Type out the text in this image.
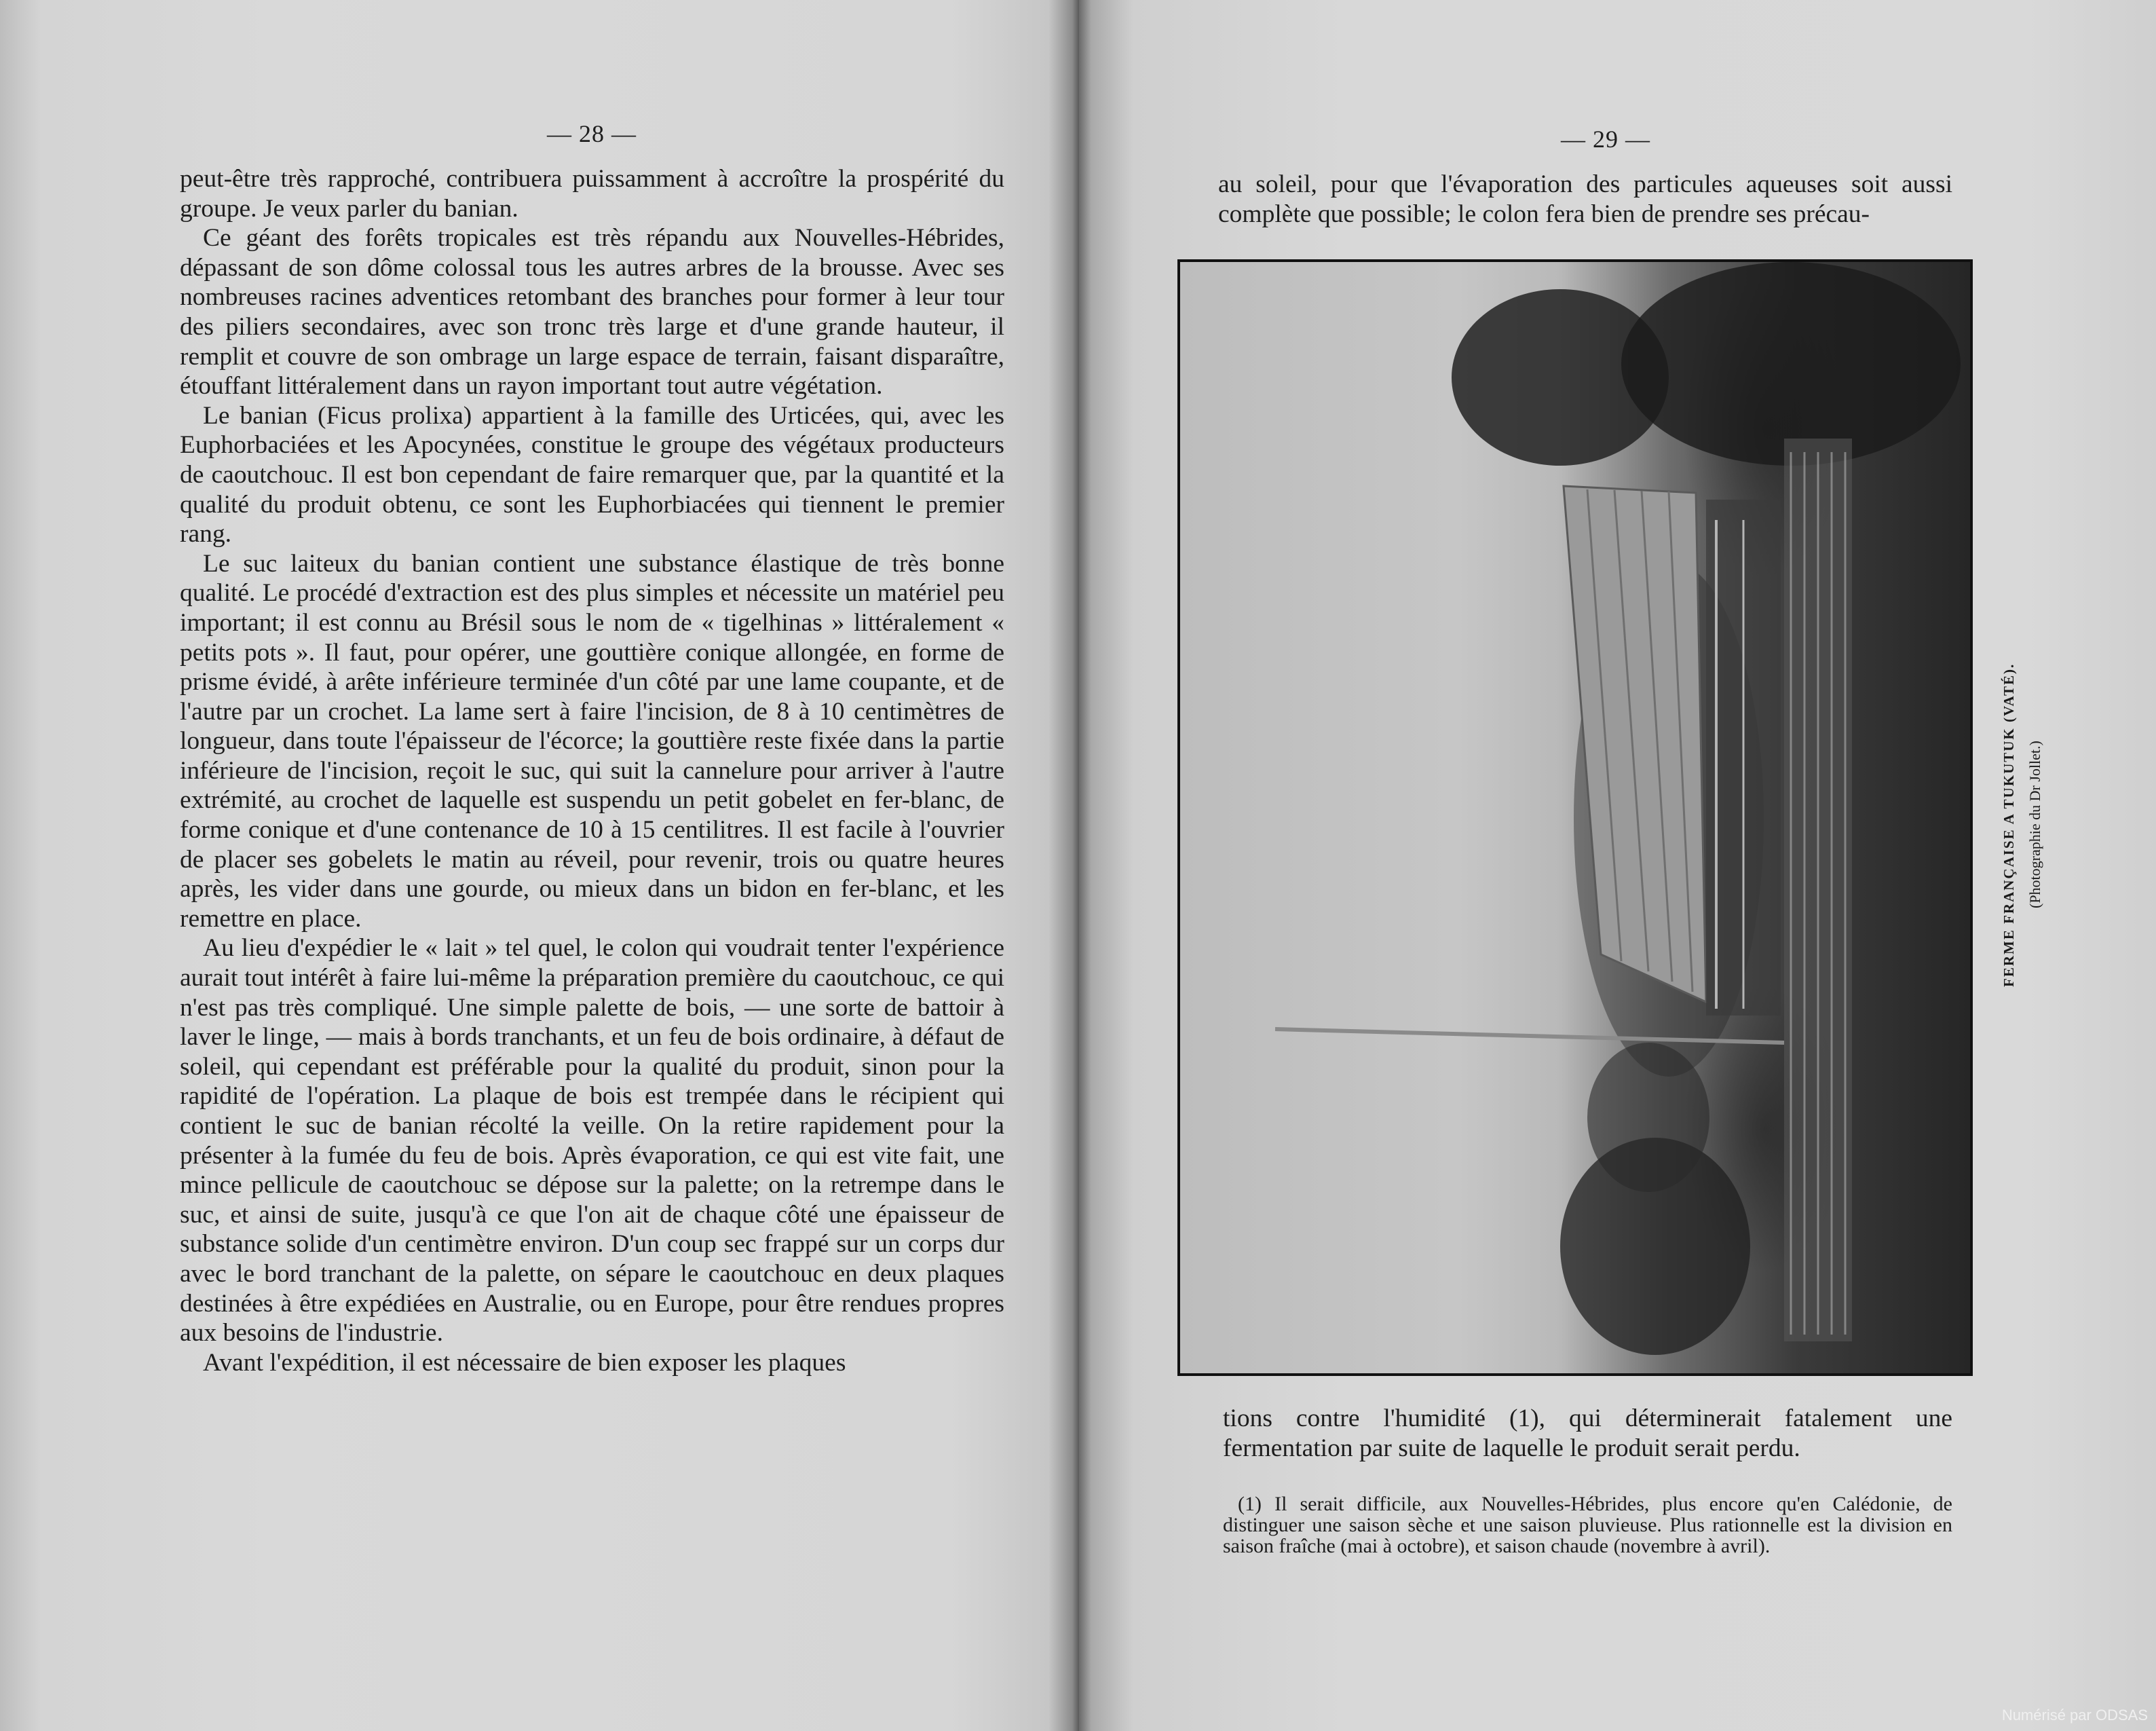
— 28 —

peut-être très rapproché, contribuera puissamment à accroître la prospérité du groupe. Je veux parler du banian.

Ce géant des forêts tropicales est très répandu aux Nouvelles-Hébrides, dépassant de son dôme colossal tous les autres arbres de la brousse. Avec ses nombreuses racines adventices retombant des branches pour former à leur tour des piliers secondaires, avec son tronc très large et d'une grande hauteur, il remplit et couvre de son ombrage un large espace de terrain, faisant disparaître, étouffant littéralement dans un rayon important tout autre végétation.

Le banian (Ficus prolixa) appartient à la famille des Urticées, qui, avec les Euphorbaciées et les Apocynées, constitue le groupe des végétaux producteurs de caoutchouc. Il est bon cependant de faire remarquer que, par la quantité et la qualité du produit obtenu, ce sont les Euphorbiacées qui tiennent le premier rang.

Le suc laiteux du banian contient une substance élastique de très bonne qualité. Le procédé d'extraction est des plus simples et nécessite un matériel peu important; il est connu au Brésil sous le nom de « tigelhinas » littéralement « petits pots ». Il faut, pour opérer, une gouttière conique allongée, en forme de prisme évidé, à arête inférieure terminée d'un côté par une lame coupante, et de l'autre par un crochet. La lame sert à faire l'incision, de 8 à 10 centimètres de longueur, dans toute l'épaisseur de l'écorce; la gouttière reste fixée dans la partie inférieure de l'incision, reçoit le suc, qui suit la cannelure pour arriver à l'autre extrémité, au crochet de laquelle est suspendu un petit gobelet en fer-blanc, de forme conique et d'une contenance de 10 à 15 centilitres. Il est facile à l'ouvrier de placer ses gobelets le matin au réveil, pour revenir, trois ou quatre heures après, les vider dans une gourde, ou mieux dans un bidon en fer-blanc, et les remettre en place.

Au lieu d'expédier le « lait » tel quel, le colon qui voudrait tenter l'expérience aurait tout intérêt à faire lui-même la préparation première du caoutchouc, ce qui n'est pas très compliqué. Une simple palette de bois, — une sorte de battoir à laver le linge, — mais à bords tranchants, et un feu de bois ordinaire, à défaut de soleil, qui cependant est préférable pour la qualité du produit, sinon pour la rapidité de l'opération. La plaque de bois est trempée dans le récipient qui contient le suc de banian récolté la veille. On la retire rapidement pour la présenter à la fumée du feu de bois. Après évaporation, ce qui est vite fait, une mince pellicule de caoutchouc se dépose sur la palette; on la retrempe dans le suc, et ainsi de suite, jusqu'à ce que l'on ait de chaque côté une épaisseur de substance solide d'un centimètre environ. D'un coup sec frappé sur un corps dur avec le bord tranchant de la palette, on sépare le caoutchouc en deux plaques destinées à être expédiées en Australie, ou en Europe, pour être rendues propres aux besoins de l'industrie.

Avant l'expédition, il est nécessaire de bien exposer les plaques

— 29 —

au soleil, pour que l'évaporation des particules aqueuses soit aussi complète que possible; le colon fera bien de prendre ses précau-

FERME FRANÇAISE A TUKUTUK (VATÉ). (Photographie du Dr Jollet.)

tions contre l'humidité (1), qui déterminerait fatalement une fermentation par suite de laquelle le produit serait perdu.

(1) Il serait difficile, aux Nouvelles-Hébrides, plus encore qu'en Calédonie, de distinguer une saison sèche et une saison pluvieuse. Plus rationnelle est la division en saison fraîche (mai à octobre), et saison chaude (novembre à avril).

Numérisé par ODSAS
